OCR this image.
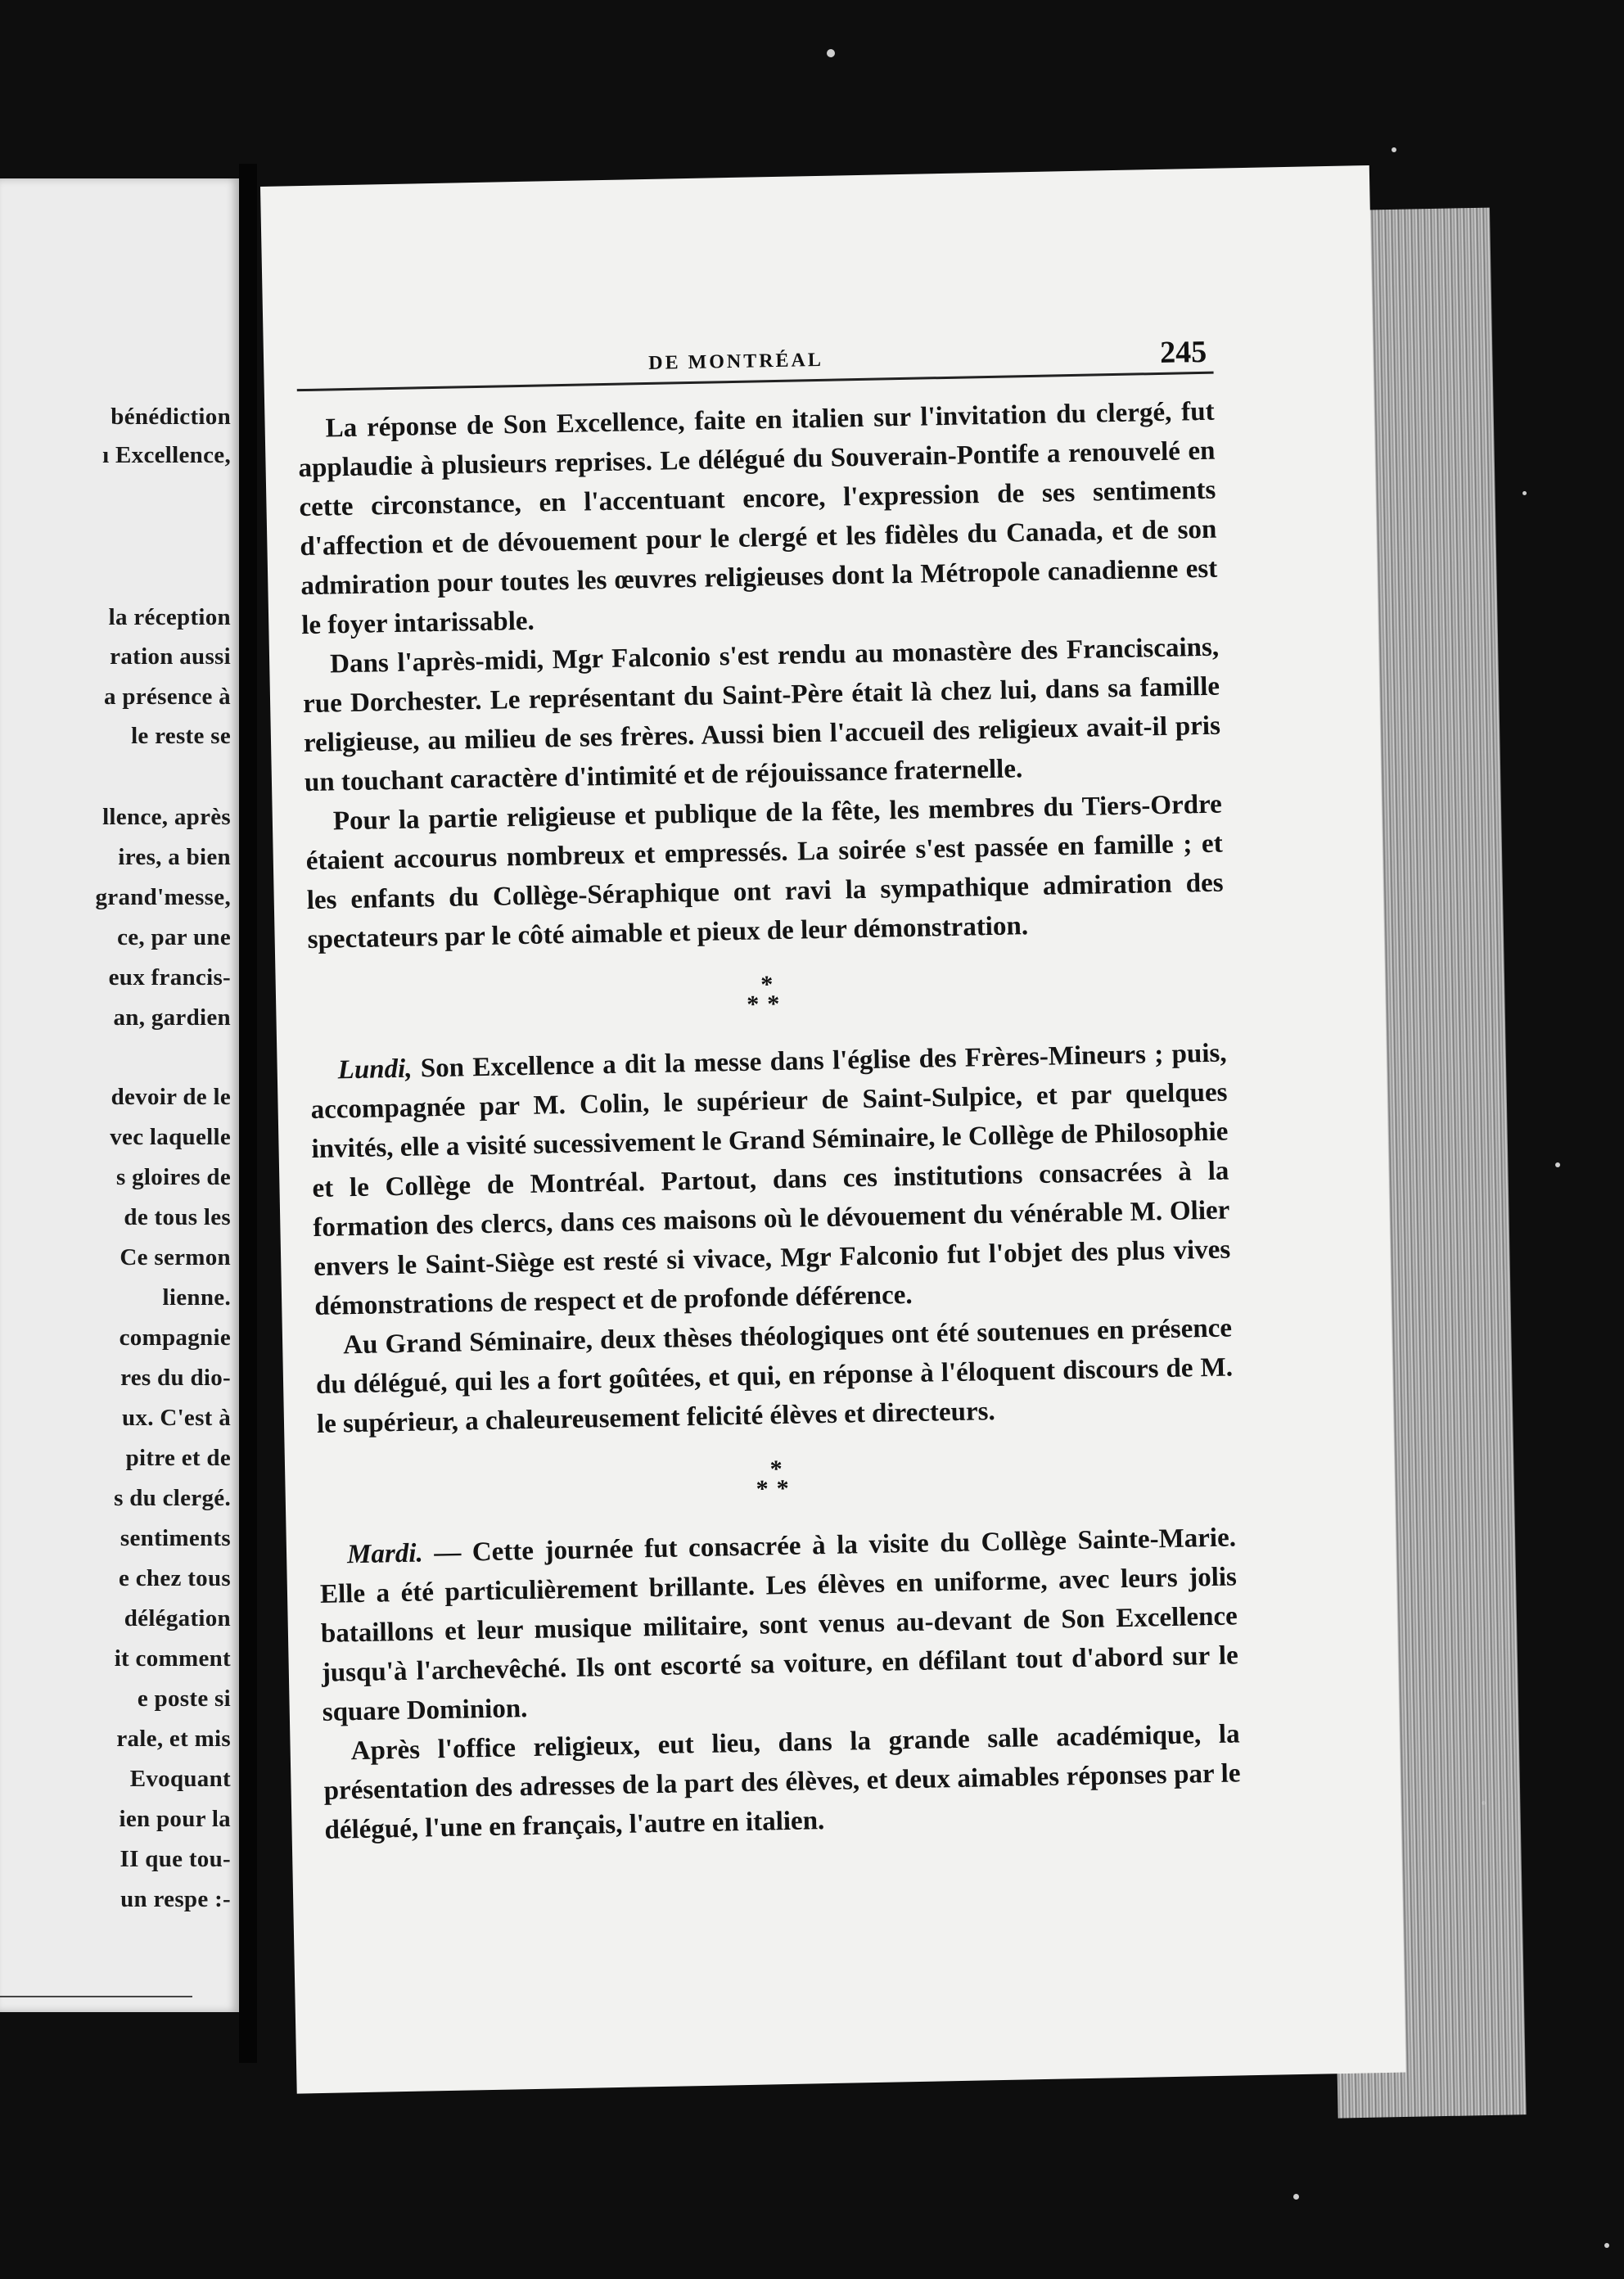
bénédiction
ı Excellence,
la réception
ration aussi
a présence à
le reste se
llence, après
ires, a bien
grand'messe,
ce, par une
eux francis-
an, gardien
devoir de le
vec laquelle
s gloires de
de tous les
Ce sermon
lienne.
compagnie
res du dio-
ux. C'est à
pitre et de
s du clergé.
sentiments
e chez tous
délégation
it comment
e poste si
rale, et mis
Evoquant
ien pour la
II que tou-
un respe :-
DE MONTRÉAL	245

La réponse de Son Excellence, faite en italien sur l'invitation du clergé, fut applaudie à plusieurs reprises. Le délégué du Souverain-Pontife a renouvelé en cette circonstance, en l'accentuant encore, l'expression de ses sentiments d'affection et de dévouement pour le clergé et les fidèles du Canada, et de son admiration pour toutes les œuvres religieuses dont la Métropole canadienne est le foyer intarissable.

Dans l'après-midi, Mgr Falconio s'est rendu au monastère des Franciscains, rue Dorchester. Le représentant du Saint-Père était là chez lui, dans sa famille religieuse, au milieu de ses frères. Aussi bien l'accueil des religieux avait-il pris un touchant caractère d'intimité et de réjouissance fraternelle.

Pour la partie religieuse et publique de la fête, les membres du Tiers-Ordre étaient accourus nombreux et empressés. La soirée s'est passée en famille ; et les enfants du Collège-Séraphique ont ravi la sympathique admiration des spectateurs par le côté aimable et pieux de leur démonstration.

*
**

Lundi, Son Excellence a dit la messe dans l'église des Frères-Mineurs ; puis, accompagnée par M. Colin, le supérieur de Saint-Sulpice, et par quelques invités, elle a visité sucessivement le Grand Séminaire, le Collège de Philosophie et le Collège de Montréal. Partout, dans ces institutions consacrées à la formation des clercs, dans ces maisons où le dévouement du vénérable M. Olier envers le Saint-Siège est resté si vivace, Mgr Falconio fut l'objet des plus vives démonstrations de respect et de profonde déférence.

Au Grand Séminaire, deux thèses théologiques ont été soutenues en présence du délégué, qui les a fort goûtées, et qui, en réponse à l'éloquent discours de M. le supérieur, a chaleureusement felicité élèves et directeurs.

*
**

Mardi. — Cette journée fut consacrée à la visite du Collège Sainte-Marie. Elle a été particulièrement brillante. Les élèves en uniforme, avec leurs jolis bataillons et leur musique militaire, sont venus au-devant de Son Excellence jusqu'à l'archevêché. Ils ont escorté sa voiture, en défilant tout d'abord sur le square Dominion.

Après l'office religieux, eut lieu, dans la grande salle académique, la présentation des adresses de la part des élèves, et deux aimables réponses par le délégué, l'une en français, l'autre en italien.
